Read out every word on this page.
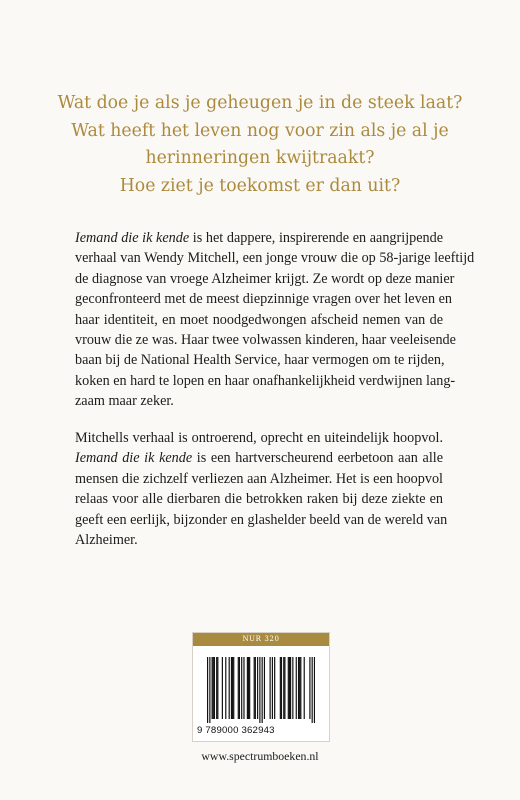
Wat doe je als je geheugen je in de steek laat?
Wat heeft het leven nog voor zin als je al je
herinneringen kwijtraakt?
Hoe ziet je toekomst er dan uit?
Iemand die ik kende is het dappere, inspirerende en aangrijpende
verhaal van Wendy Mitchell, een jonge vrouw die op 58-jarige leeftijd
de diagnose van vroege Alzheimer krijgt. Ze wordt op deze manier
geconfronteerd met de meest diepzinnige vragen over het leven en
haar identiteit, en moet noodgedwongen afscheid nemen van de
vrouw die ze was. Haar twee volwassen kinderen, haar veeleisende
baan bij de National Health Service, haar vermogen om te rijden,
koken en hard te lopen en haar onafhankelijkheid verdwijnen lang-
zaam maar zeker.
Mitchells verhaal is ontroerend, oprecht en uiteindelijk hoopvol.
Iemand die ik kende is een hartverscheurend eerbetoon aan alle
mensen die zichzelf verliezen aan Alzheimer. Het is een hoopvol
relaas voor alle dierbaren die betrokken raken bij deze ziekte en
geeft een eerlijk, bijzonder en glashelder beeld van de wereld van
Alzheimer.
NUR 320
9 789000 362943
www.spectrumboeken.nl
